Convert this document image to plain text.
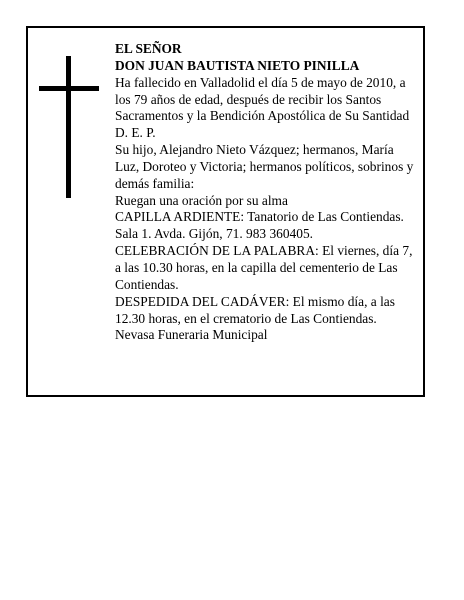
EL SEÑOR

DON JUAN BAUTISTA NIETO PINILLA

Ha fallecido en Valladolid el día 5 de mayo de 2010, a los 79 años de edad, después de recibir los Santos Sacramentos y la Bendición Apostólica de Su Santidad D. E. P.

Su hijo, Alejandro Nieto Vázquez; hermanos, María Luz, Doroteo y Victoria; hermanos políticos, sobrinos y demás familia:

Ruegan una oración por su alma

CAPILLA ARDIENTE: Tanatorio de Las Contiendas. Sala 1. Avda. Gijón, 71. 983 360405.

CELEBRACIÓN DE LA PALABRA: El viernes, día 7, a las 10.30 horas, en la capilla del cementerio de Las Contiendas.

DESPEDIDA DEL CADÁVER: El mismo día, a las 12.30 horas, en el crematorio de Las Contiendas.

Nevasa Funeraria Municipal
